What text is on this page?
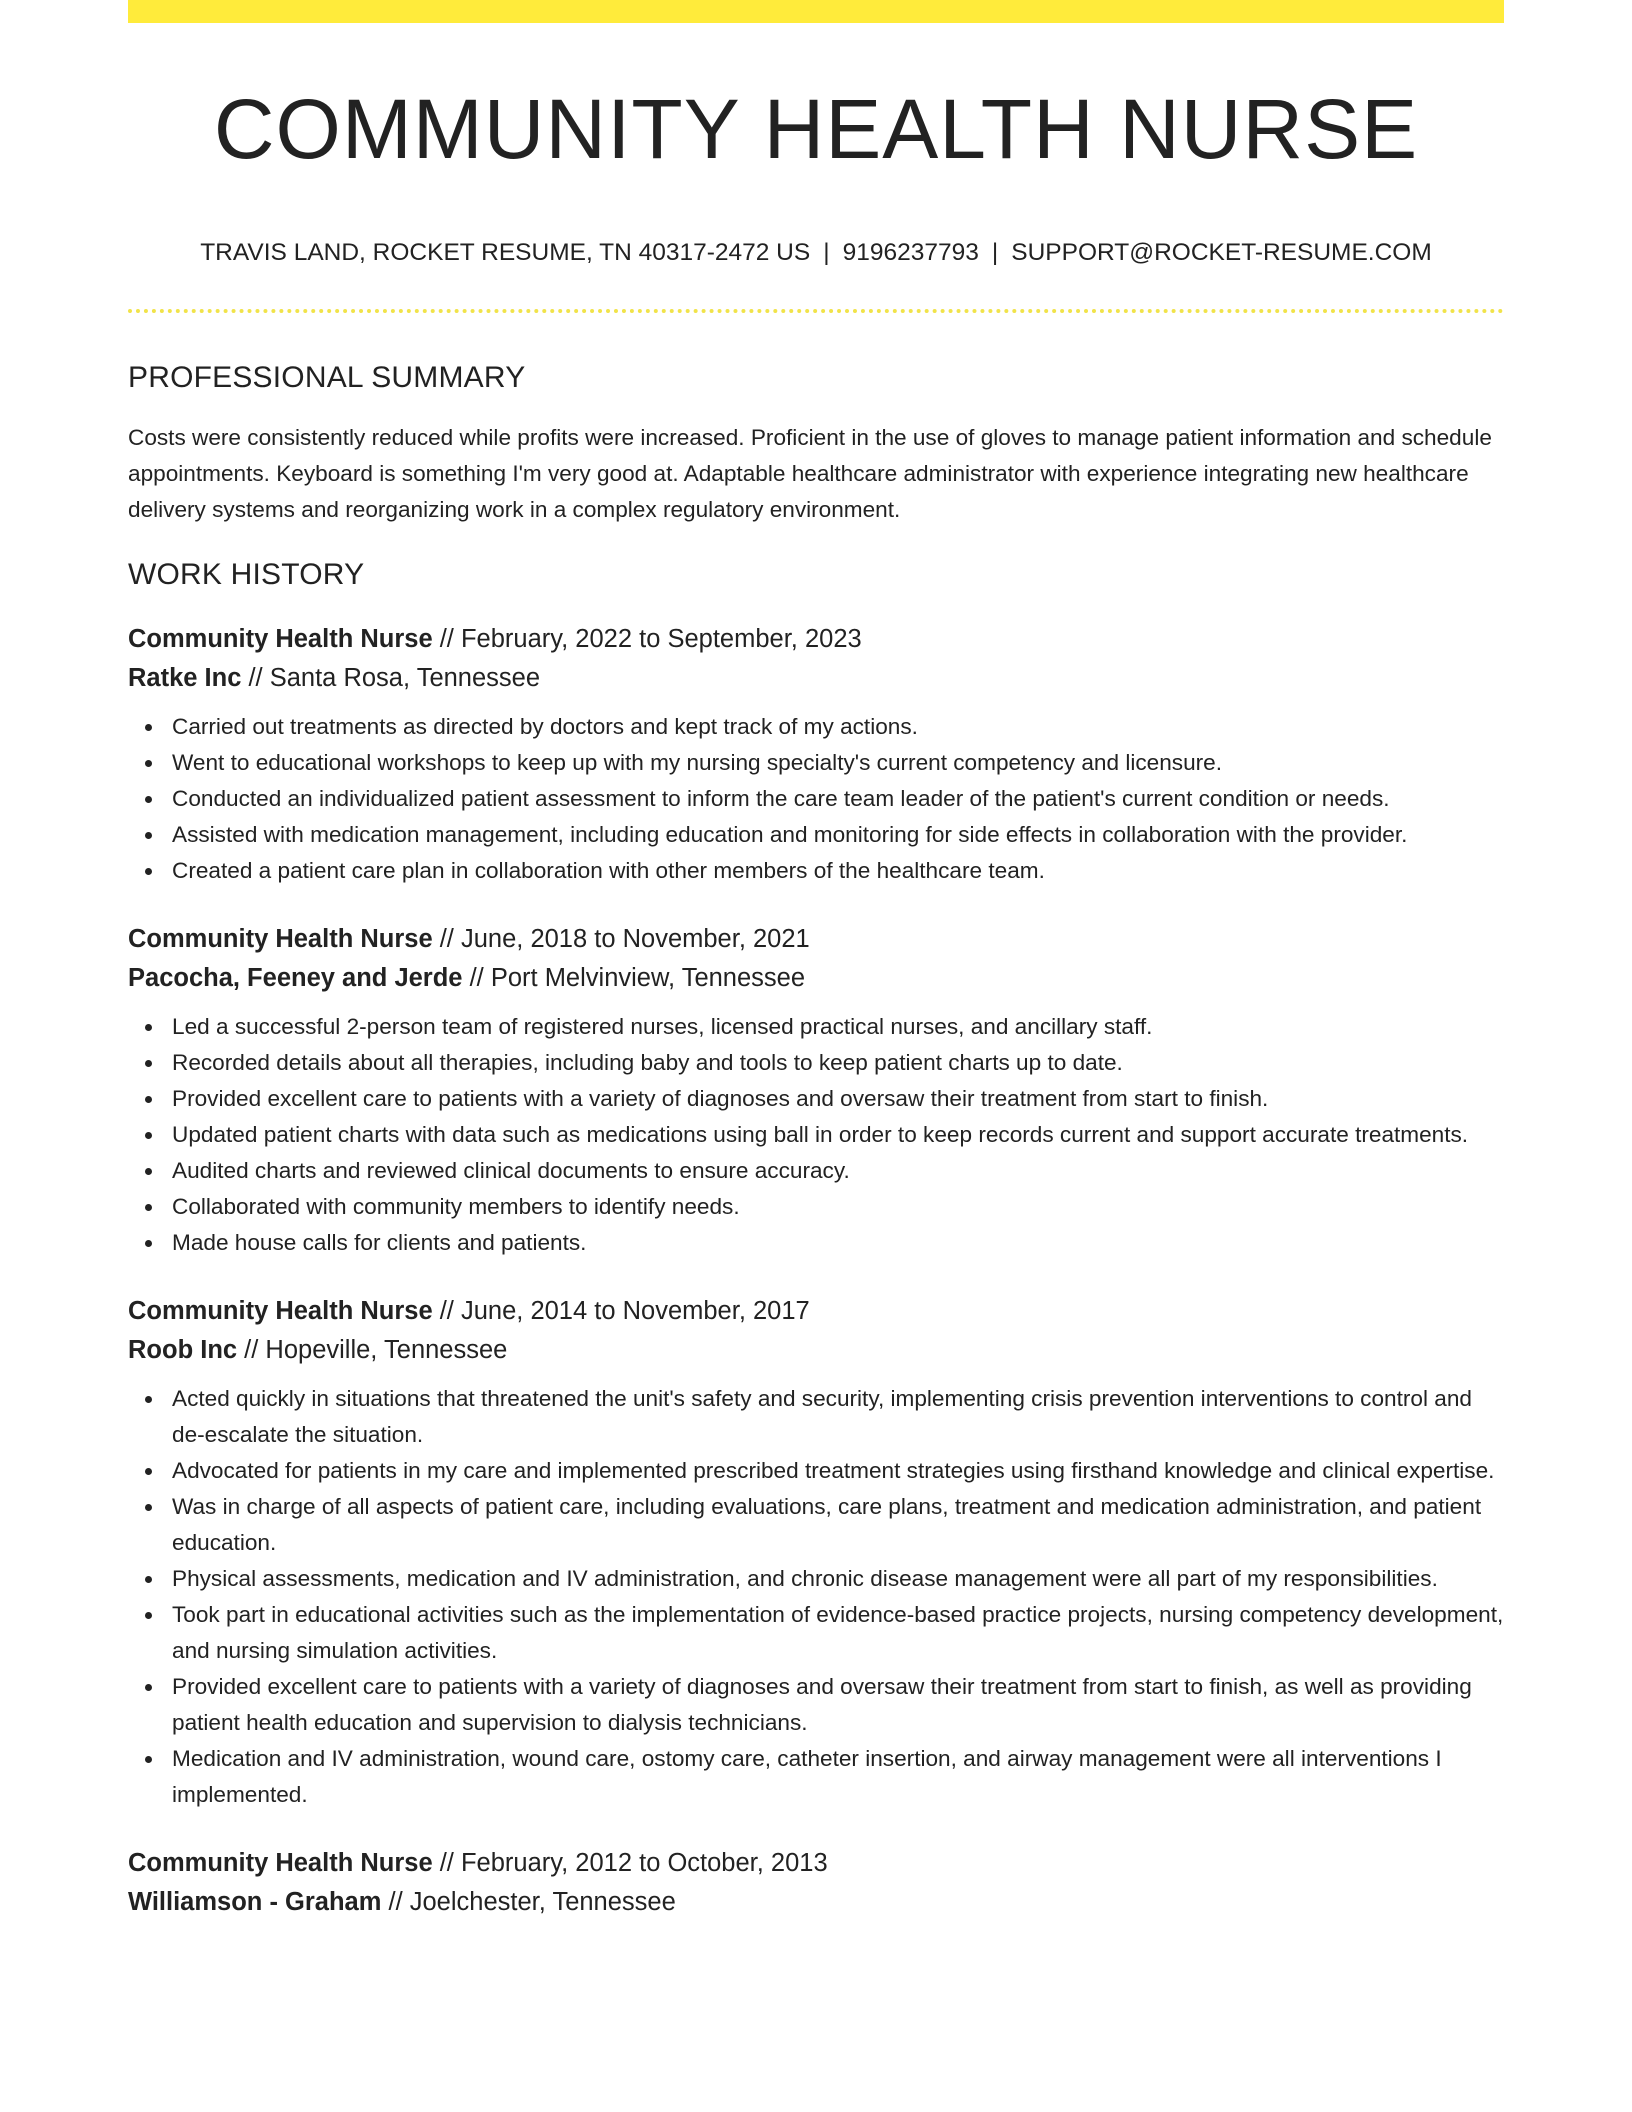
COMMUNITY HEALTH NURSE
TRAVIS LAND, ROCKET RESUME, TN 40317-2472 US | 9196237793 | SUPPORT@ROCKET-RESUME.COM
PROFESSIONAL SUMMARY
Costs were consistently reduced while profits were increased. Proficient in the use of gloves to manage patient information and schedule appointments. Keyboard is something I'm very good at. Adaptable healthcare administrator with experience integrating new healthcare delivery systems and reorganizing work in a complex regulatory environment.
WORK HISTORY
Community Health Nurse // February, 2022 to September, 2023
Ratke Inc // Santa Rosa, Tennessee
Carried out treatments as directed by doctors and kept track of my actions.
Went to educational workshops to keep up with my nursing specialty's current competency and licensure.
Conducted an individualized patient assessment to inform the care team leader of the patient's current condition or needs.
Assisted with medication management, including education and monitoring for side effects in collaboration with the provider.
Created a patient care plan in collaboration with other members of the healthcare team.
Community Health Nurse // June, 2018 to November, 2021
Pacocha, Feeney and Jerde // Port Melvinview, Tennessee
Led a successful 2-person team of registered nurses, licensed practical nurses, and ancillary staff.
Recorded details about all therapies, including baby and tools to keep patient charts up to date.
Provided excellent care to patients with a variety of diagnoses and oversaw their treatment from start to finish.
Updated patient charts with data such as medications using ball in order to keep records current and support accurate treatments.
Audited charts and reviewed clinical documents to ensure accuracy.
Collaborated with community members to identify needs.
Made house calls for clients and patients.
Community Health Nurse // June, 2014 to November, 2017
Roob Inc // Hopeville, Tennessee
Acted quickly in situations that threatened the unit's safety and security, implementing crisis prevention interventions to control and de-escalate the situation.
Advocated for patients in my care and implemented prescribed treatment strategies using firsthand knowledge and clinical expertise.
Was in charge of all aspects of patient care, including evaluations, care plans, treatment and medication administration, and patient education.
Physical assessments, medication and IV administration, and chronic disease management were all part of my responsibilities.
Took part in educational activities such as the implementation of evidence-based practice projects, nursing competency development, and nursing simulation activities.
Provided excellent care to patients with a variety of diagnoses and oversaw their treatment from start to finish, as well as providing patient health education and supervision to dialysis technicians.
Medication and IV administration, wound care, ostomy care, catheter insertion, and airway management were all interventions I implemented.
Community Health Nurse // February, 2012 to October, 2013
Williamson - Graham // Joelchester, Tennessee
